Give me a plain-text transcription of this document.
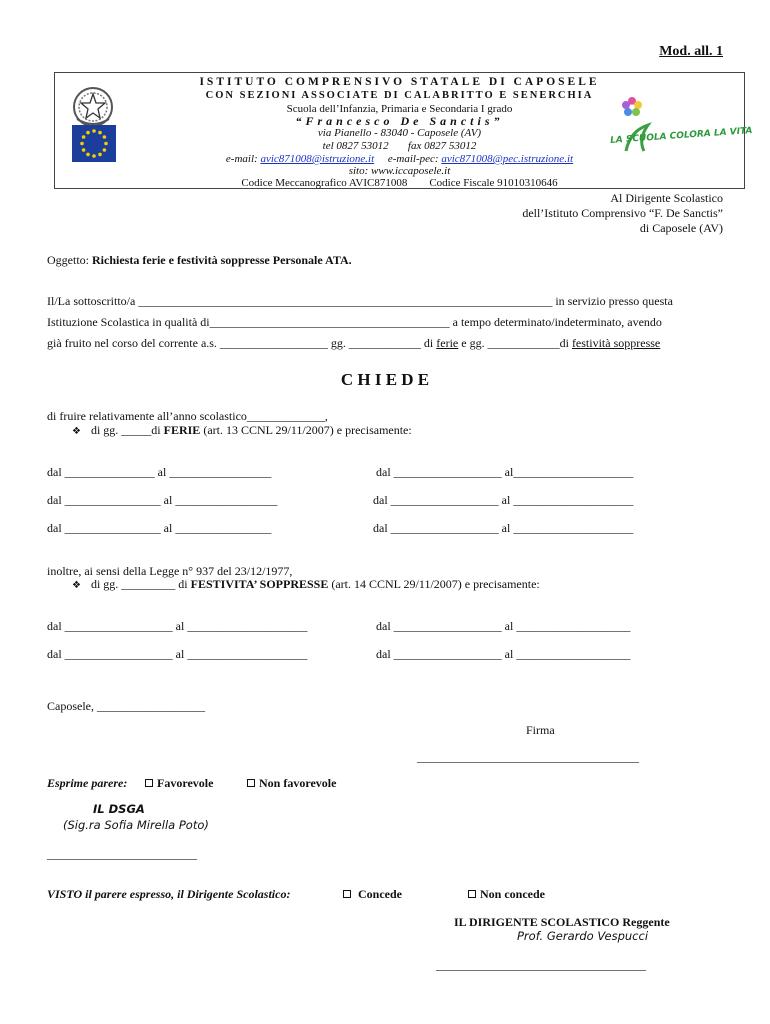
Mod. all. 1
ISTITUTO COMPRENSIVO STATALE DI CAPOSELE
CON SEZIONI ASSOCIATE DI CALABRITTO E SENERCHIA
Scuola dell’Infanzia, Primaria e Secondaria I grado
“Francesco De Sanctis”
via Pianello - 83040 - Caposele (AV)
tel 0827 53012 fax 0827 53012
e-mail: avic871008@istruzione.it e-mail-pec: avic871008@pec.istruzione.it
sito: www.iccaposele.it
Codice Meccanografico AVIC871008 Codice Fiscale 91010310646
LA SCUOLA COLORA LA VITA
Al Dirigente Scolastico
dell’Istituto Comprensivo “F. De Sanctis”
di Caposele (AV)
Oggetto: Richiesta ferie e festività soppresse Personale ATA.
Il/La sottoscritto/a _____________________________________________________________________ in servizio presso questa
Istituzione Scolastica in qualità di________________________________________ a tempo determinato/indeterminato, avendo
già fruito nel corso del corrente a.s. __________________ gg. ____________ di ferie e gg. ____________di festività soppresse
C H I E D E
di fruire relativamente all’anno scolastico_____________,
❖ di gg. _____di FERIE (art. 13 CCNL 29/11/2007) e precisamente:
dal _______________ al _________________	dal __________________ al____________________
dal ________________ al _________________	dal __________________ al ____________________
dal ________________ al ________________	dal __________________ al ____________________
inoltre, ai sensi della Legge n° 937 del 23/12/1977,
❖ di gg. _________ di FESTIVITA’ SOPPRESSE (art. 14 CCNL 29/11/2007) e precisamente:
dal __________________ al ____________________	dal __________________ al ___________________
dal __________________ al ____________________	dal __________________ al ___________________
Caposele, __________________
Firma
_____________________________________
Esprime parere:	Favorevole	Non favorevole
IL DSGA
(Sig.ra Sofia Mirella Poto)
_________________________
VISTO il parere espresso, il Dirigente Scolastico:	Concede	Non concede
IL DIRIGENTE SCOLASTICO Reggente
Prof. Gerardo Vespucci
___________________________________
